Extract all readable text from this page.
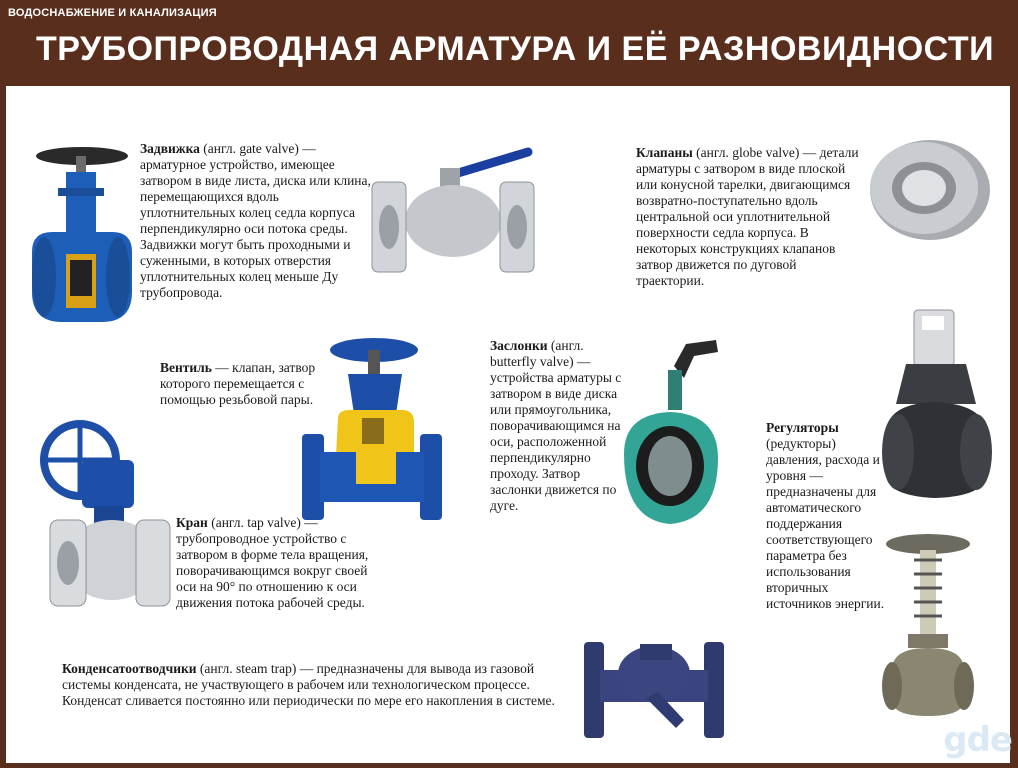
ВОДОСНАБЖЕНИЕ И КАНАЛИЗАЦИЯ
ТРУБОПРОВОДНАЯ АРМАТУРА И ЕЁ РАЗНОВИДНОСТИ
Задвижка (англ. gate valve) — арматурное устройство, имеющее затвором в виде листа, диска или клина, перемещающихся вдоль уплотнительных колец седла корпуса перпендикулярно оси потока среды. Задвижки могут быть проходными и суженными, в которых отверстия уплотнительных колец меньше Ду трубопровода.
Клапаны (англ. globe valve) — детали арматуры с затвором в виде плоской или конусной тарелки, двигающимся возвратно-поступательно вдоль центральной оси уплотнительной поверхности седла корпуса. В некоторых конструкциях клапанов затвор движется по дуговой траектории.
Вентиль — клапан, затвор которого перемещается с помощью резьбовой пары.
Заслонки (англ. butterfly valve) — устройства арматуры с затвором в виде диска или прямоугольника, поворачивающимся на оси, расположенной перпендикулярно проходу. Затвор заслонки движется по дуге.
Регуляторы (редукторы) давления, расхода и уровня — предназначены для автоматического поддержания соответствующего параметра без использования вторичных источников энергии.
Кран (англ. tap valve) — трубопроводное устройство с затвором в форме тела вращения, поворачивающимся вокруг своей оси на 90° по отношению к оси движения потока рабочей среды.
Конденсатоотводчики (англ. steam trap) — предназначены для вывода из газовой системы конденсата, не участвующего в рабочем или технологическом процессе. Конденсат сливается постоянно или периодически по мере его накопления в системе.
gde
